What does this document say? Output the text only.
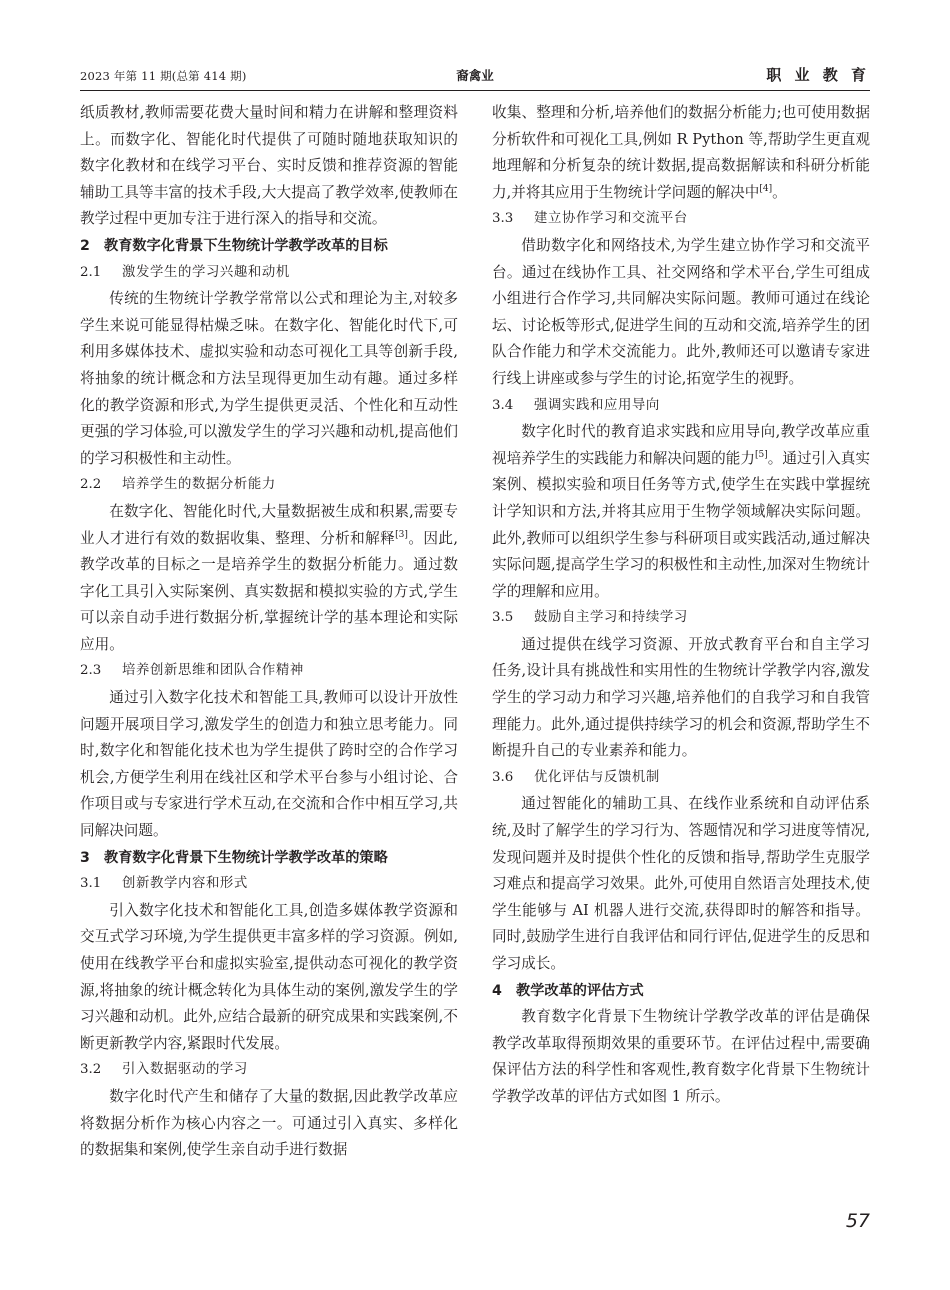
2023 年第 11 期(总第 414 期)	裔禽业	职 业 教 育

纸质教材,教师需要花费大量时间和精力在讲解和整理资料上。而数字化、智能化时代提供了可随时随地获取知识的数字化教材和在线学习平台、实时反馈和推荐资源的智能辅助工具等丰富的技术手段,大大提高了教学效率,使教师在教学过程中更加专注于进行深入的指导和交流。

2 教育数字化背景下生物统计学教学改革的目标
2.1 激发学生的学习兴趣和动机

传统的生物统计学教学常常以公式和理论为主,对较多学生来说可能显得枯燥乏味。在数字化、智能化时代下,可利用多媒体技术、虚拟实验和动态可视化工具等创新手段,将抽象的统计概念和方法呈现得更加生动有趣。通过多样化的教学资源和形式,为学生提供更灵活、个性化和互动性更强的学习体验,可以激发学生的学习兴趣和动机,提高他们的学习积极性和主动性。

2.2 培养学生的数据分析能力

在数字化、智能化时代,大量数据被生成和积累,需要专业人才进行有效的数据收集、整理、分析和解释[3]。因此,教学改革的目标之一是培养学生的数据分析能力。通过数字化工具引入实际案例、真实数据和模拟实验的方式,学生可以亲自动手进行数据分析,掌握统计学的基本理论和实际应用。

2.3 培养创新思维和团队合作精神

通过引入数字化技术和智能工具,教师可以设计开放性问题开展项目学习,激发学生的创造力和独立思考能力。同时,数字化和智能化技术也为学生提供了跨时空的合作学习机会,方便学生利用在线社区和学术平台参与小组讨论、合作项目或与专家进行学术互动,在交流和合作中相互学习,共同解决问题。

3 教育数字化背景下生物统计学教学改革的策略
3.1 创新教学内容和形式

引入数字化技术和智能化工具,创造多媒体教学资源和交互式学习环境,为学生提供更丰富多样的学习资源。例如,使用在线教学平台和虚拟实验室,提供动态可视化的教学资源,将抽象的统计概念转化为具体生动的案例,激发学生的学习兴趣和动机。此外,应结合最新的研究成果和实践案例,不断更新教学内容,紧跟时代发展。

3.2 引入数据驱动的学习

数字化时代产生和储存了大量的数据,因此教学改革应将数据分析作为核心内容之一。可通过引入真实、多样化的数据集和案例,使学生亲自动手进行数据

收集、整理和分析,培养他们的数据分析能力;也可使用数据分析软件和可视化工具,例如 R Python 等,帮助学生更直观地理解和分析复杂的统计数据,提高数据解读和科研分析能力,并将其应用于生物统计学问题的解决中[4]。

3.3 建立协作学习和交流平台

借助数字化和网络技术,为学生建立协作学习和交流平台。通过在线协作工具、社交网络和学术平台,学生可组成小组进行合作学习,共同解决实际问题。教师可通过在线论坛、讨论板等形式,促进学生间的互动和交流,培养学生的团队合作能力和学术交流能力。此外,教师还可以邀请专家进行线上讲座或参与学生的讨论,拓宽学生的视野。

3.4 强调实践和应用导向

数字化时代的教育追求实践和应用导向,教学改革应重视培养学生的实践能力和解决问题的能力[5]。通过引入真实案例、模拟实验和项目任务等方式,使学生在实践中掌握统计学知识和方法,并将其应用于生物学领域解决实际问题。此外,教师可以组织学生参与科研项目或实践活动,通过解决实际问题,提高学生学习的积极性和主动性,加深对生物统计学的理解和应用。

3.5 鼓励自主学习和持续学习

通过提供在线学习资源、开放式教育平台和自主学习任务,设计具有挑战性和实用性的生物统计学教学内容,激发学生的学习动力和学习兴趣,培养他们的自我学习和自我管理能力。此外,通过提供持续学习的机会和资源,帮助学生不断提升自己的专业素养和能力。

3.6 优化评估与反馈机制

通过智能化的辅助工具、在线作业系统和自动评估系统,及时了解学生的学习行为、答题情况和学习进度等情况,发现问题并及时提供个性化的反馈和指导,帮助学生克服学习难点和提高学习效果。此外,可使用自然语言处理技术,使学生能够与 AI 机器人进行交流,获得即时的解答和指导。同时,鼓励学生进行自我评估和同行评估,促进学生的反思和学习成长。

4 教学改革的评估方式

教育数字化背景下生物统计学教学改革的评估是确保教学改革取得预期效果的重要环节。在评估过程中,需要确保评估方法的科学性和客观性,教育数字化背景下生物统计学教学改革的评估方式如图 1 所示。

57
